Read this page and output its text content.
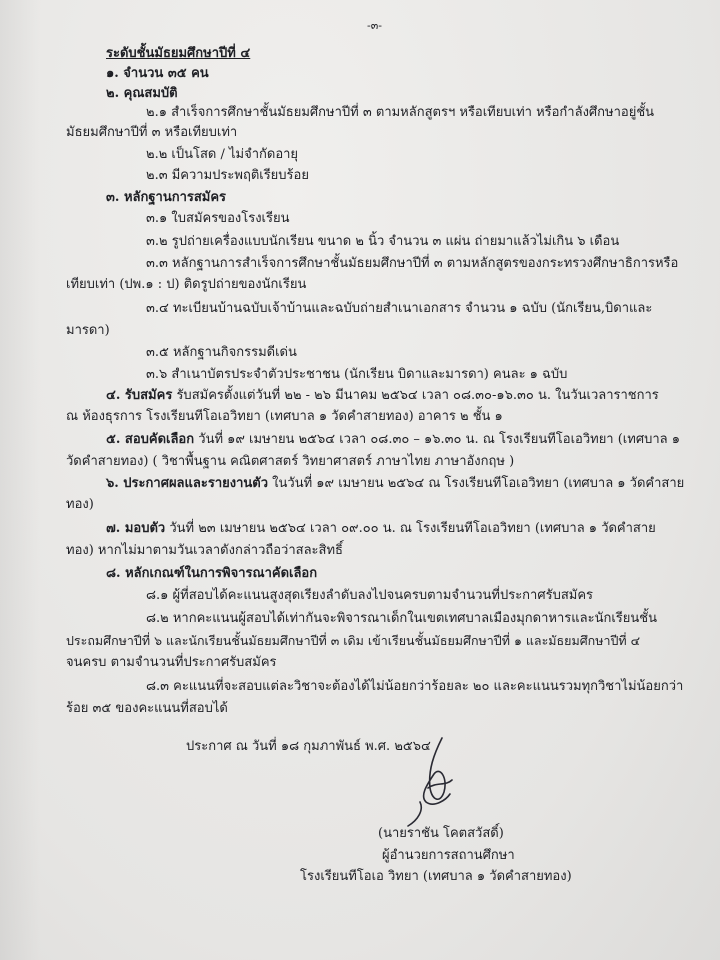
-๓-
ระดับชั้นมัธยมศึกษาปีที่ ๔
๑. จำนวน ๓๕ คน
๒. คุณสมบัติ
๒.๑ สำเร็จการศึกษาชั้นมัธยมศึกษาปีที่ ๓ ตามหลักสูตรฯ หรือเทียบเท่า หรือกำลังศึกษาอยู่ชั้น
มัธยมศึกษาปีที่ ๓ หรือเทียบเท่า
๒.๒ เป็นโสด / ไม่จำกัดอายุ
๒.๓ มีความประพฤติเรียบร้อย
๓. หลักฐานการสมัคร
๓.๑ ใบสมัครของโรงเรียน
๓.๒ รูปถ่ายเครื่องแบบนักเรียน ขนาด ๒ นิ้ว จำนวน ๓ แผ่น ถ่ายมาแล้วไม่เกิน ๖ เดือน
๓.๓ หลักฐานการสำเร็จการศึกษาชั้นมัธยมศึกษาปีที่ ๓ ตามหลักสูตรของกระทรวงศึกษาธิการหรือ
เทียบเท่า (ปพ.๑ : ป) ติดรูปถ่ายของนักเรียน
๓.๔ ทะเบียนบ้านฉบับเจ้าบ้านและฉบับถ่ายสำเนาเอกสาร จำนวน ๑ ฉบับ (นักเรียน,บิดาและ
มารดา)
๓.๕ หลักฐานกิจกรรมดีเด่น
๓.๖ สำเนาบัตรประจำตัวประชาชน (นักเรียน บิดาและมารดา) คนละ ๑ ฉบับ
๔. รับสมัคร รับสมัครตั้งแต่วันที่ ๒๒ - ๒๖ มีนาคม ๒๕๖๔ เวลา ๐๘.๓๐-๑๖.๓๐ น. ในวันเวลาราชการ
ณ ห้องธุรการ โรงเรียนทีโอเอวิทยา (เทศบาล ๑ วัดคำสายทอง) อาคาร ๒ ชั้น ๑
๕. สอบคัดเลือก วันที่ ๑๙ เมษายน ๒๕๖๔ เวลา ๐๘.๓๐ – ๑๖.๓๐ น. ณ โรงเรียนทีโอเอวิทยา (เทศบาล ๑
วัดคำสายทอง) ( วิชาพื้นฐาน คณิตศาสตร์ วิทยาศาสตร์ ภาษาไทย ภาษาอังกฤษ )
๖. ประกาศผลและรายงานตัว ในวันที่ ๑๙ เมษายน ๒๕๖๔ ณ โรงเรียนทีโอเอวิทยา (เทศบาล ๑ วัดคำสาย
ทอง)
๗. มอบตัว วันที่ ๒๓ เมษายน ๒๕๖๔ เวลา ๐๙.๐๐ น. ณ โรงเรียนทีโอเอวิทยา (เทศบาล ๑ วัดคำสาย
ทอง) หากไม่มาตามวันเวลาดังกล่าวถือว่าสละสิทธิ์
๘. หลักเกณฑ์ในการพิจารณาคัดเลือก
๘.๑ ผู้ที่สอบได้คะแนนสูงสุดเรียงลำดับลงไปจนครบตามจำนวนที่ประกาศรับสมัคร
๘.๒ หากคะแนนผู้สอบได้เท่ากันจะพิจารณาเด็กในเขตเทศบาลเมืองมุกดาหารและนักเรียนชั้น
ประถมศึกษาปีที่ ๖ และนักเรียนชั้นมัธยมศึกษาปีที่ ๓ เดิม เข้าเรียนชั้นมัธยมศึกษาปีที่ ๑ และมัธยมศึกษาปีที่ ๔
จนครบ ตามจำนวนที่ประกาศรับสมัคร
๘.๓ คะแนนที่จะสอบแต่ละวิชาจะต้องได้ไม่น้อยกว่าร้อยละ ๒๐ และคะแนนรวมทุกวิชาไม่น้อยกว่า
ร้อย ๓๕ ของคะแนนที่สอบได้
ประกาศ ณ วันที่ ๑๘ กุมภาพันธ์ พ.ศ. ๒๕๖๔
(นายราชัน โคตสวัสดิ์)
ผู้อำนวยการสถานศึกษา
โรงเรียนทีโอเอ วิทยา (เทศบาล ๑ วัดคำสายทอง)
